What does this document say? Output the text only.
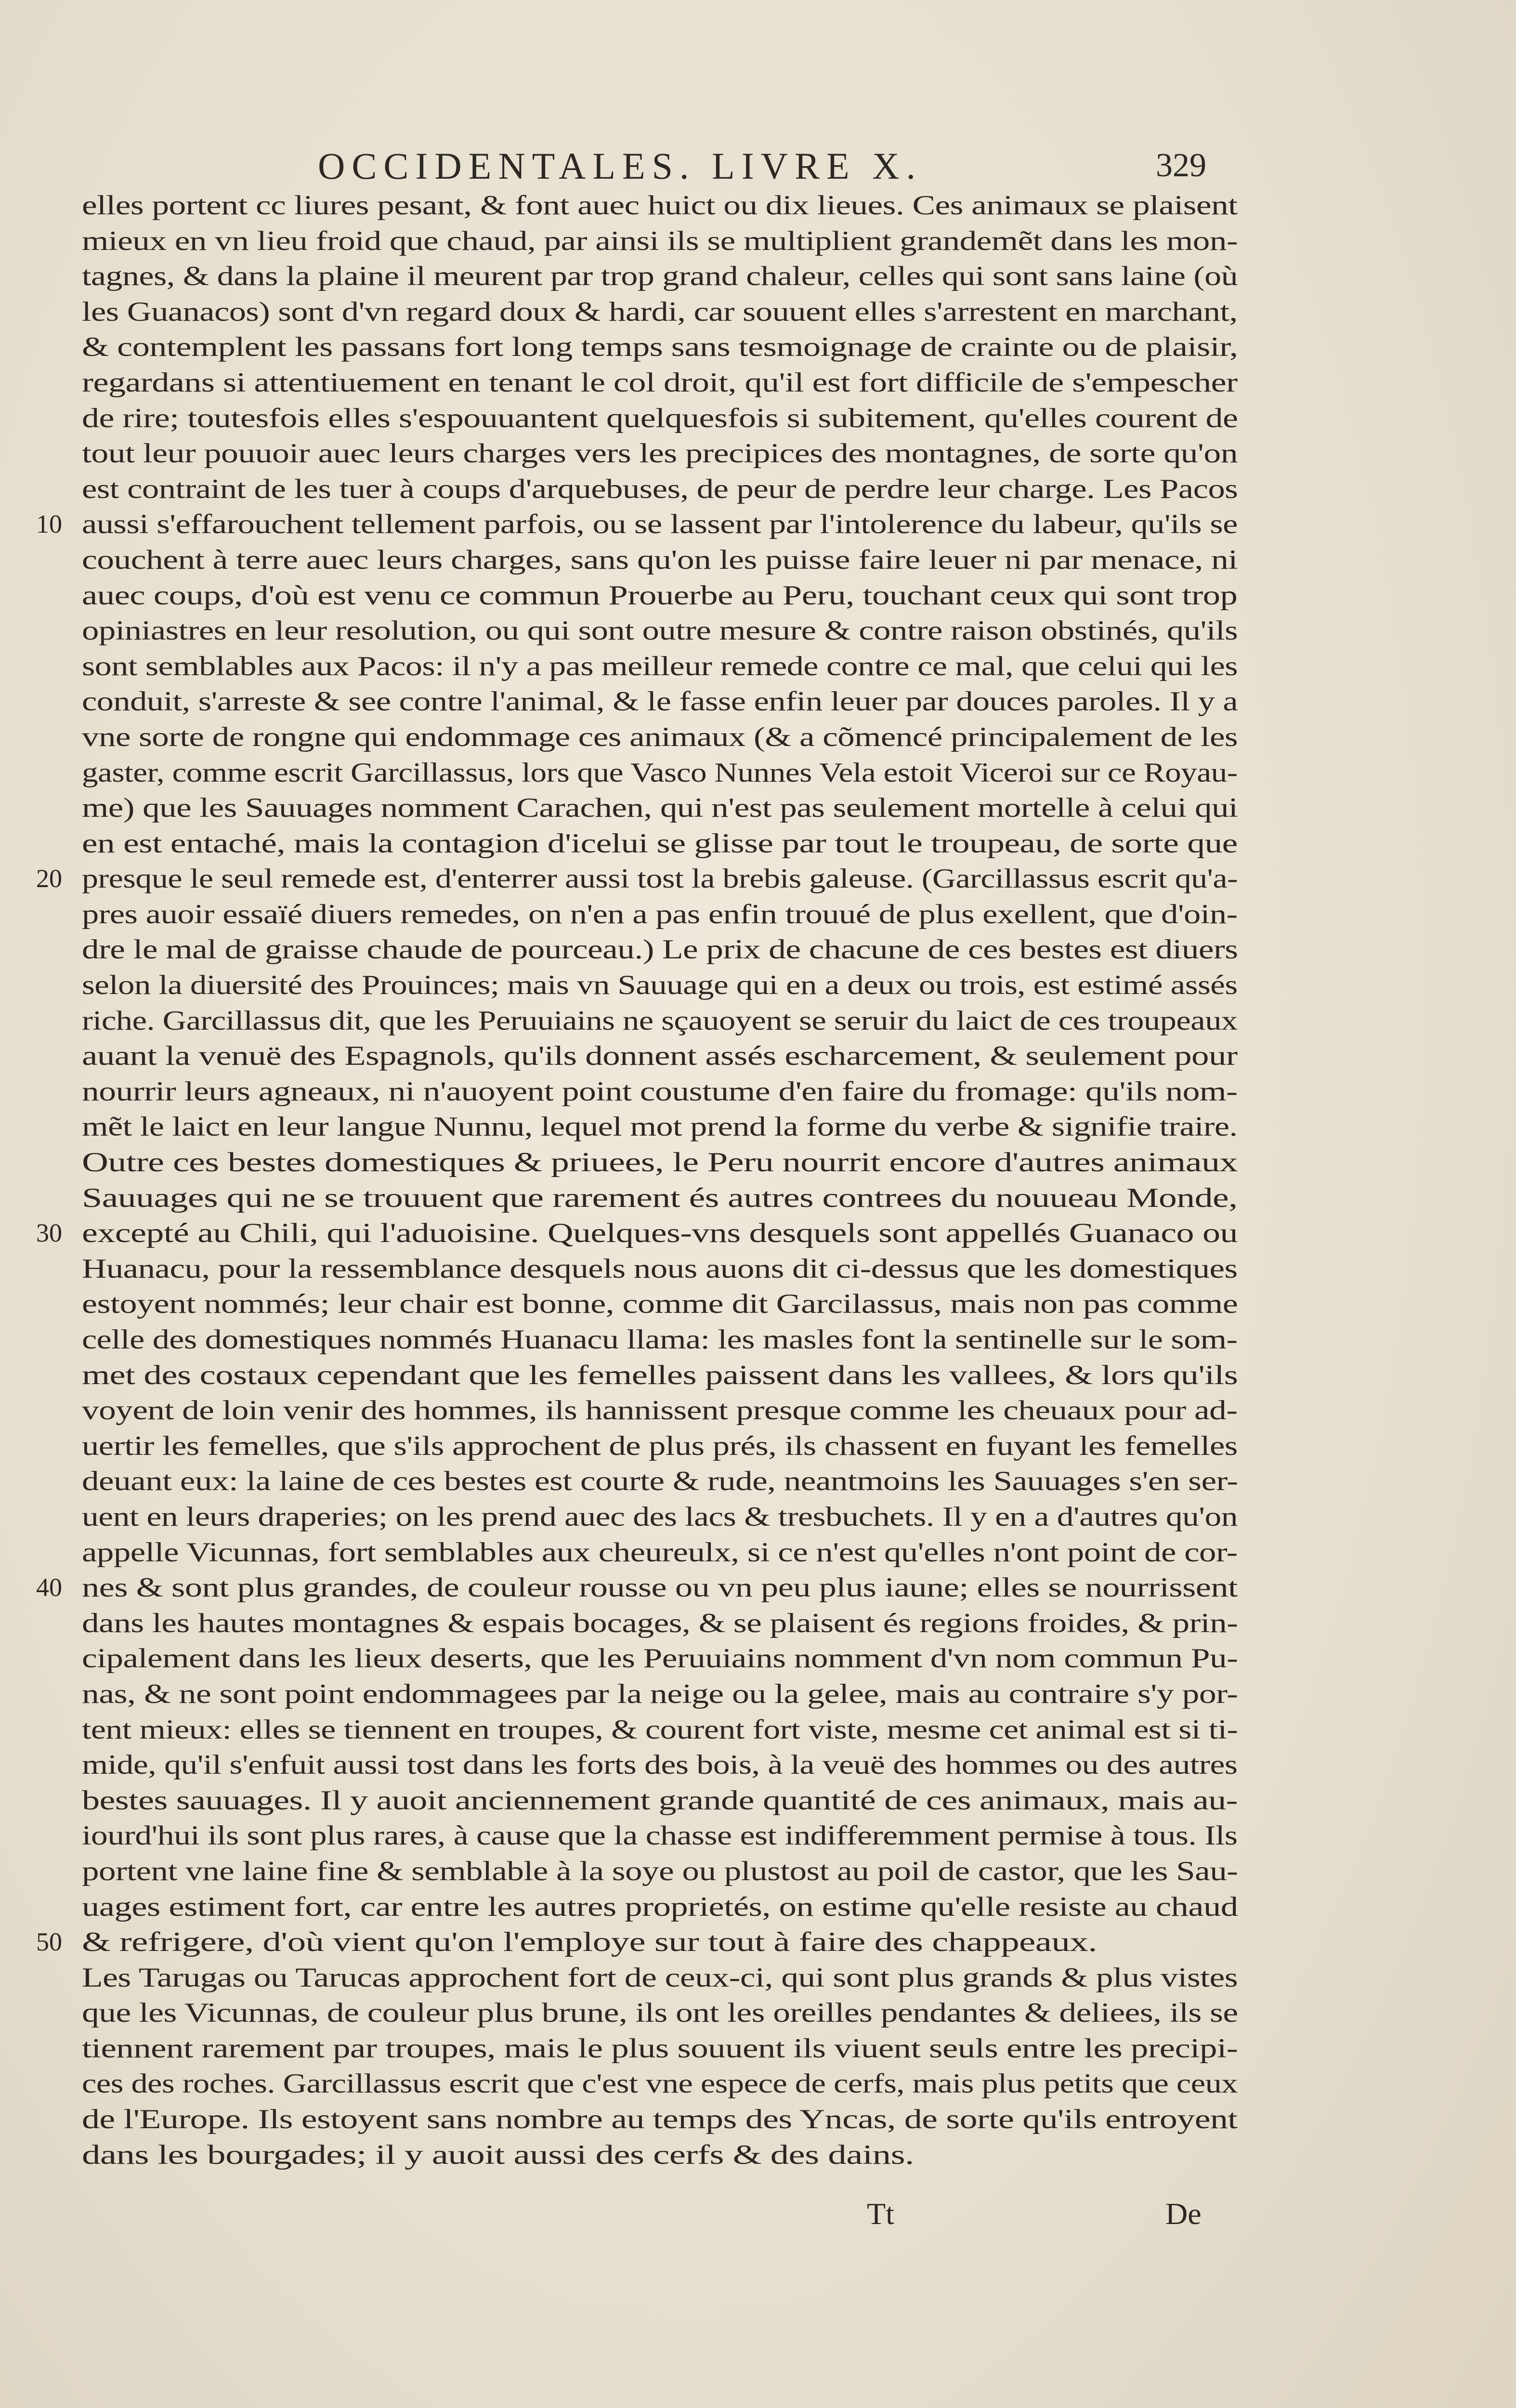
OCCIDENTALES. LIVRE X.	329
elles portent cc liures pesant, & font auec huict ou dix lieues. Ces animaux se plaisent
mieux en vn lieu froid que chaud, par ainsi ils se multiplient grandemẽt dans les mon-
tagnes, & dans la plaine il meurent par trop grand chaleur, celles qui sont sans laine (où
les Guanacos) sont d'vn regard doux & hardi, car souuent elles s'arrestent en marchant,
& contemplent les passans fort long temps sans tesmoignage de crainte ou de plaisir,
regardans si attentiuement en tenant le col droit, qu'il est fort difficile de s'empescher
de rire; toutesfois elles s'espouuantent quelquesfois si subitement, qu'elles courent de
tout leur pouuoir auec leurs charges vers les precipices des montagnes, de sorte qu'on
est contraint de les tuer à coups d'arquebuses, de peur de perdre leur charge. Les Pacos
10 aussi s'effarouchent tellement parfois, ou se lassent par l'intolerence du labeur, qu'ils se
couchent à terre auec leurs charges, sans qu'on les puisse faire leuer ni par menace, ni
auec coups, d'où est venu ce commun Prouerbe au Peru, touchant ceux qui sont trop
opiniastres en leur resolution, ou qui sont outre mesure & contre raison obstinés, qu'ils
sont semblables aux Pacos: il n'y a pas meilleur remede contre ce mal, que celui qui les
conduit, s'arreste & see contre l'animal, & le fasse enfin leuer par douces paroles. Il y a
vne sorte de rongne qui endommage ces animaux (& a cõmencé principalement de les
gaster, comme escrit Garcillassus, lors que Vasco Nunnes Vela estoit Viceroi sur ce Royau-
me) que les Sauuages nomment Carachen, qui n'est pas seulement mortelle à celui qui
en est entaché, mais la contagion d'icelui se glisse par tout le troupeau, de sorte que
20 presque le seul remede est, d'enterrer aussi tost la brebis galeuse. (Garcillassus escrit qu'a-
pres auoir essaïé diuers remedes, on n'en a pas enfin trouué de plus exellent, que d'oin-
dre le mal de graisse chaude de pourceau.) Le prix de chacune de ces bestes est diuers
selon la diuersité des Prouinces; mais vn Sauuage qui en a deux ou trois, est estimé assés
riche. Garcillassus dit, que les Peruuiains ne sçauoyent se seruir du laict de ces troupeaux
auant la venuë des Espagnols, qu'ils donnent assés escharcement, & seulement pour
nourrir leurs agneaux, ni n'auoyent point coustume d'en faire du fromage: qu'ils nom-
mẽt le laict en leur langue Nunnu, lequel mot prend la forme du verbe & signifie traire.
Outre ces bestes domestiques & priuees, le Peru nourrit encore d'autres animaux
Sauuages qui ne se trouuent que rarement és autres contrees du nouueau Monde,
30 excepté au Chili, qui l'aduoisine. Quelques-vns desquels sont appellés Guanaco ou
Huanacu, pour la ressemblance desquels nous auons dit ci-dessus que les domestiques
estoyent nommés; leur chair est bonne, comme dit Garcilassus, mais non pas comme
celle des domestiques nommés Huanacu llama: les masles font la sentinelle sur le som-
met des costaux cependant que les femelles paissent dans les vallees, & lors qu'ils
voyent de loin venir des hommes, ils hannissent presque comme les cheuaux pour ad-
uertir les femelles, que s'ils approchent de plus prés, ils chassent en fuyant les femelles
deuant eux: la laine de ces bestes est courte & rude, neantmoins les Sauuages s'en ser-
uent en leurs draperies; on les prend auec des lacs & tresbuchets. Il y en a d'autres qu'on
appelle Vicunnas, fort semblables aux cheureulx, si ce n'est qu'elles n'ont point de cor-
40 nes & sont plus grandes, de couleur rousse ou vn peu plus iaune; elles se nourrissent
dans les hautes montagnes & espais bocages, & se plaisent és regions froides, & prin-
cipalement dans les lieux deserts, que les Peruuiains nomment d'vn nom commun Pu-
nas, & ne sont point endommagees par la neige ou la gelee, mais au contraire s'y por-
tent mieux: elles se tiennent en troupes, & courent fort viste, mesme cet animal est si ti-
mide, qu'il s'enfuit aussi tost dans les forts des bois, à la veuë des hommes ou des autres
bestes sauuages. Il y auoit anciennement grande quantité de ces animaux, mais au-
iourd'hui ils sont plus rares, à cause que la chasse est indifferemment permise à tous. Ils
portent vne laine fine & semblable à la soye ou plustost au poil de castor, que les Sau-
uages estiment fort, car entre les autres proprietés, on estime qu'elle resiste au chaud
50 & refrigere, d'où vient qu'on l'employe sur tout à faire des chappeaux.
Les Tarugas ou Tarucas approchent fort de ceux-ci, qui sont plus grands & plus vistes
que les Vicunnas, de couleur plus brune, ils ont les oreilles pendantes & deliees, ils se
tiennent rarement par troupes, mais le plus souuent ils viuent seuls entre les precipi-
ces des roches. Garcillassus escrit que c'est vne espece de cerfs, mais plus petits que ceux
de l'Europe. Ils estoyent sans nombre au temps des Yncas, de sorte qu'ils entroyent
dans les bourgades; il y auoit aussi des cerfs & des dains.
Tt	De
